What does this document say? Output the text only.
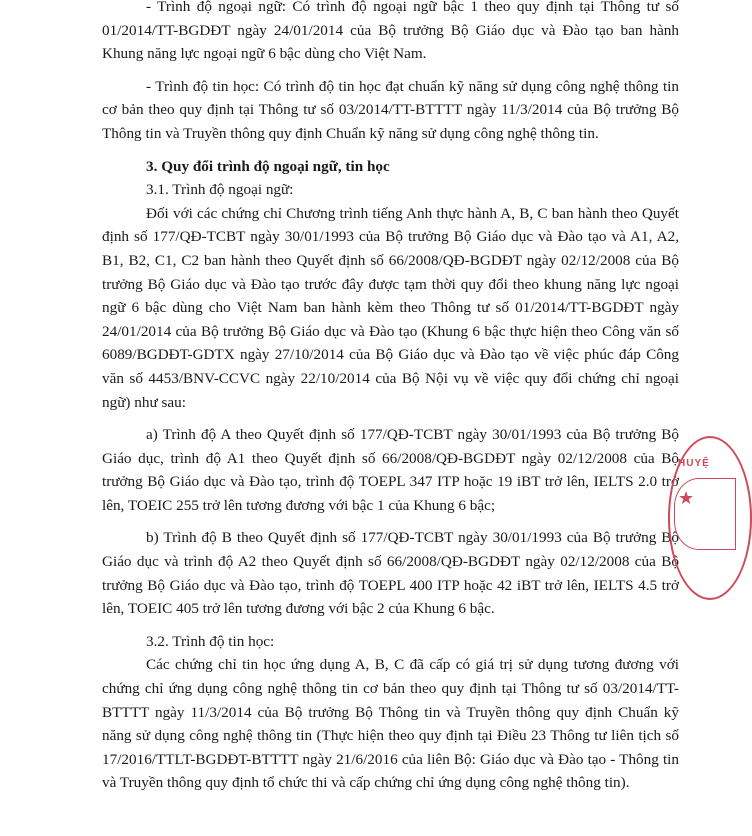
- Trình độ ngoại ngữ: Có trình độ ngoại ngữ bậc 1 theo quy định tại Thông tư số 01/2014/TT-BGDĐT ngày 24/01/2014 của Bộ trưởng Bộ Giáo dục và Đào tạo ban hành Khung năng lực ngoại ngữ 6 bậc dùng cho Việt Nam.

- Trình độ tin học: Có trình độ tin học đạt chuẩn kỹ năng sử dụng công nghệ thông tin cơ bản theo quy định tại Thông tư số 03/2014/TT-BTTTT ngày 11/3/2014 của Bộ trưởng Bộ Thông tin và Truyền thông quy định Chuẩn kỹ năng sử dụng công nghệ thông tin.

3. Quy đổi trình độ ngoại ngữ, tin học

3.1. Trình độ ngoại ngữ:

Đối với các chứng chỉ Chương trình tiếng Anh thực hành A, B, C ban hành theo Quyết định số 177/QĐ-TCBT ngày 30/01/1993 của Bộ trưởng Bộ Giáo dục và Đào tạo và A1, A2, B1, B2, C1, C2 ban hành theo Quyết định số 66/2008/QĐ-BGDĐT ngày 02/12/2008 của Bộ trưởng Bộ Giáo dục và Đào tạo trước đây được tạm thời quy đổi theo khung năng lực ngoại ngữ 6 bậc dùng cho Việt Nam ban hành kèm theo Thông tư số 01/2014/TT-BGDĐT ngày 24/01/2014 của Bộ trưởng Bộ Giáo dục và Đào tạo (Khung 6 bậc thực hiện theo Công văn số 6089/BGDĐT-GDTX ngày 27/10/2014 của Bộ Giáo dục và Đào tạo về việc phúc đáp Công văn số 4453/BNV-CCVC ngày 22/10/2014 của Bộ Nội vụ về việc quy đổi chứng chỉ ngoại ngữ) như sau:

a) Trình độ A theo Quyết định số 177/QĐ-TCBT ngày 30/01/1993 của Bộ trưởng Bộ Giáo dục, trình độ A1 theo Quyết định số 66/2008/QĐ-BGDĐT ngày 02/12/2008 của Bộ trưởng Bộ Giáo dục và Đào tạo, trình độ TOEPL 347 ITP hoặc 19 iBT trở lên, IELTS 2.0 trở lên, TOEIC 255 trở lên tương đương với bậc 1 của Khung 6 bậc;

b) Trình độ B theo Quyết định số 177/QĐ-TCBT ngày 30/01/1993 của Bộ trưởng Bộ Giáo dục và trình độ A2 theo Quyết định số 66/2008/QĐ-BGDĐT ngày 02/12/2008 của Bộ trưởng Bộ Giáo dục và Đào tạo, trình độ TOEPL 400 ITP hoặc 42 iBT trở lên, IELTS 4.5 trở lên, TOEIC 405 trở lên tương đương với bậc 2 của Khung 6 bậc.

3.2. Trình độ tin học:

Các chứng chỉ tin học ứng dụng A, B, C đã cấp có giá trị sử dụng tương đương với chứng chỉ ứng dụng công nghệ thông tin cơ bản theo quy định tại Thông tư số 03/2014/TT-BTTTT ngày 11/3/2014 của Bộ trưởng Bộ Thông tin và Truyền thông quy định Chuẩn kỹ năng sử dụng công nghệ thông tin (Thực hiện theo quy định tại Điều 23 Thông tư liên tịch số 17/2016/TTLT-BGDĐT-BTTTT ngày 21/6/2016 của liên Bộ: Giáo dục và Đào tạo - Thông tin và Truyền thông quy định tổ chức thi và cấp chứng chỉ ứng dụng công nghệ thông tin).

HUYỆ
★
